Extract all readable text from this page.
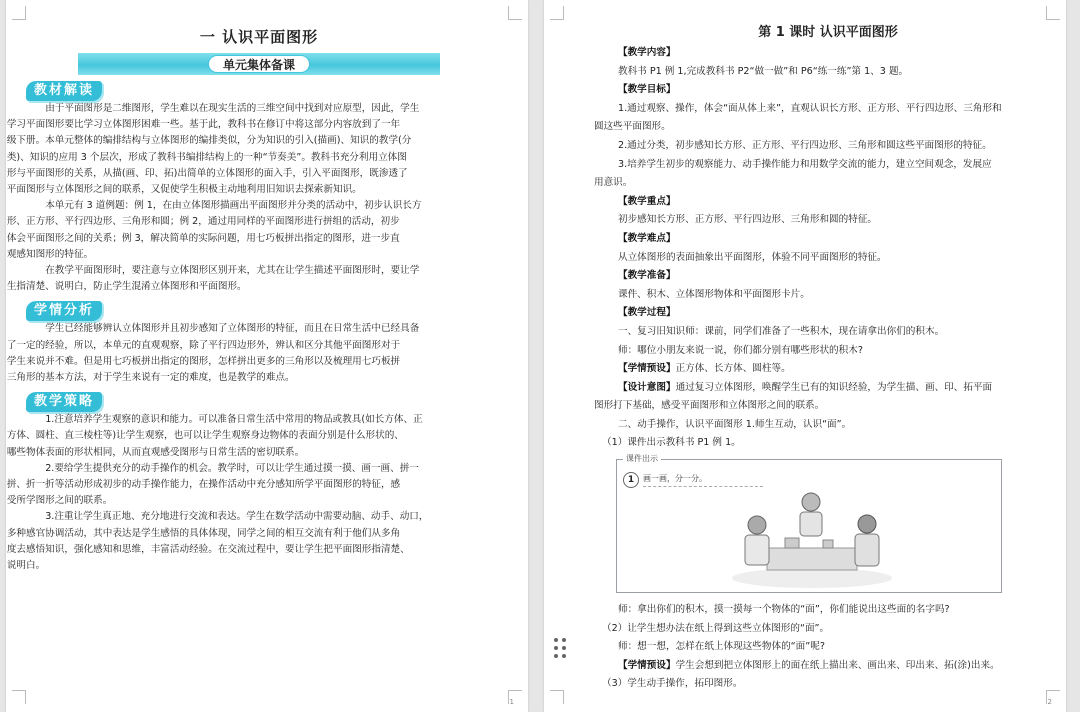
一 认识平面图形
单元集体备课
教材解读
由于平面图形是二维图形，学生难以在现实生活的三维空间中找到对应原型，因此，学生
学习平面图形要比学习立体图形困难一些。基于此，教科书在修订中将这部分内容放到了一年
级下册。本单元整体的编排结构与立体图形的编排类似，分为知识的引入(描画)、知识的教学(分
类)、知识的应用 3 个层次，形成了教科书编排结构上的一种“节奏美”。教科书充分利用立体图
形与平面图形的关系，从描(画、印、拓)出简单的立体图形的面入手，引入平面图形，既渗透了
平面图形与立体图形之间的联系，又促使学生积极主动地利用旧知识去探索新知识。
本单元有 3 道例题：例 1，在由立体图形描画出平面图形并分类的活动中，初步认识长方
形、正方形、平行四边形、三角形和圆；例 2，通过用同样的平面图形进行拼组的活动，初步
体会平面图形之间的关系；例 3，解决简单的实际问题，用七巧板拼出指定的图形，进一步直
观感知图形的特征。
在教学平面图形时，要注意与立体图形区别开来，尤其在让学生描述平面图形时，要让学
生指清楚、说明白，防止学生混淆立体图形和平面图形。
学情分析
学生已经能够辨认立体图形并且初步感知了立体图形的特征，而且在日常生活中已经具备
了一定的经验，所以，本单元的直观观察，除了平行四边形外，辨认和区分其他平面图形对于
学生来说并不难。但是用七巧板拼出指定的图形，怎样拼出更多的三角形以及梳理用七巧板拼
三角形的基本方法，对于学生来说有一定的难度，也是教学的难点。
教学策略
1.注意培养学生观察的意识和能力。可以准备日常生活中常用的物品或教具(如长方体、正
方体、圆柱、直三棱柱等)让学生观察，也可以让学生观察身边物体的表面分别是什么形状的、
哪些物体表面的形状相同，从而直观感受图形与日常生活的密切联系。
2.要给学生提供充分的动手操作的机会。教学时，可以让学生通过摸一摸、画一画、拼一
拼、折一折等活动形成初步的动手操作能力，在操作活动中充分感知所学平面图形的特征，感
受所学图形之间的联系。
3.注重让学生真正地、充分地进行交流和表达。学生在数学活动中需要动脑、动手、动口，
多种感官协调活动，其中表达是学生感悟的具体体现，同学之间的相互交流有利于他们从多角
度去感悟知识，强化感知和思维，丰富活动经验。在交流过程中，要让学生把平面图形指清楚、
说明白。
1
第 1 课时 认识平面图形
【教学内容】
教科书 P1 例 1,完成教科书 P2“做一做”和 P6“练一练”第 1、3 题。
【教学目标】
1.通过观察、操作，体会“面从体上来”，直观认识长方形、正方形、平行四边形、三角形和
圆这些平面图形。
2.通过分类，初步感知长方形、正方形、平行四边形、三角形和圆这些平面图形的特征。
3.培养学生初步的观察能力、动手操作能力和用数学交流的能力，建立空间观念，发展应
用意识。
【教学重点】
初步感知长方形、正方形、平行四边形、三角形和圆的特征。
【教学难点】
从立体图形的表面抽象出平面图形，体验不同平面图形的特征。
【教学准备】
课件、积木、立体图形物体和平面图形卡片。
【教学过程】
一、复习旧知识师：课前，同学们准备了一些积木，现在请拿出你们的积木。
师：哪位小朋友来说一说，你们都分别有哪些形状的积木?
【学情预设】正方体、长方体、圆柱等。
【设计意图】通过复习立体图形，唤醒学生已有的知识经验，为学生描、画、印、拓平面
图形打下基础，感受平面图形和立体图形之间的联系。
二、动手操作，认识平面图形 1.师生互动，认识“面”。
（1）课件出示教科书 P1 例 1。
课件出示
1	画一画，分一分。
师：拿出你们的积木，摸一摸每一个物体的“面”，你们能说出这些面的名字吗?
（2）让学生想办法在纸上得到这些立体图形的“面”。
师：想一想，怎样在纸上体现这些物体的“面”呢?
【学情预设】学生会想到把立体图形上的面在纸上描出来、画出来、印出来、拓(涂)出来。
（3）学生动手操作，拓印图形。
2
